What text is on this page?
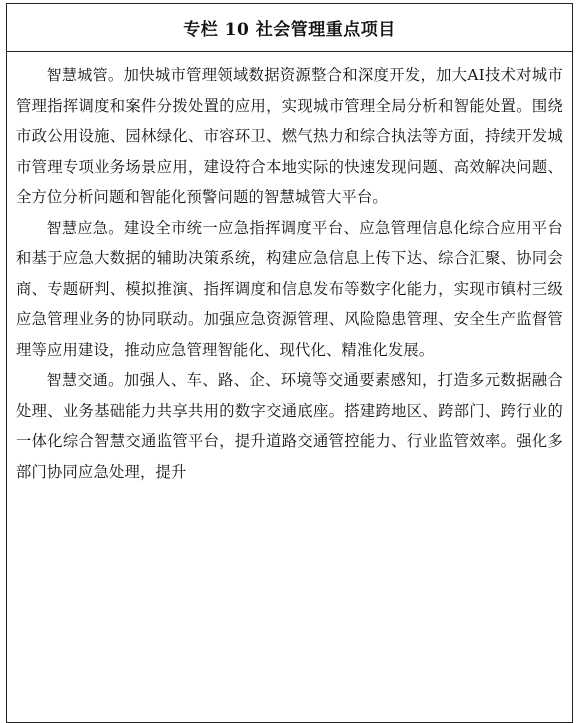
专栏 10 社会管理重点项目

智慧城管。加快城市管理领域数据资源整合和深度开发，加大AI技术对城市管理指挥调度和案件分拨处置的应用，实现城市管理全局分析和智能处置。围绕市政公用设施、园林绿化、市容环卫、燃气热力和综合执法等方面，持续开发城市管理专项业务场景应用，建设符合本地实际的快速发现问题、高效解决问题、全方位分析问题和智能化预警问题的智慧城管大平台。

智慧应急。建设全市统一应急指挥调度平台、应急管理信息化综合应用平台和基于应急大数据的辅助决策系统，构建应急信息上传下达、综合汇聚、协同会商、专题研判、模拟推演、指挥调度和信息发布等数字化能力，实现市镇村三级应急管理业务的协同联动。加强应急资源管理、风险隐患管理、安全生产监督管理等应用建设，推动应急管理智能化、现代化、精准化发展。

智慧交通。加强人、车、路、企、环境等交通要素感知，打造多元数据融合处理、业务基础能力共享共用的数字交通底座。搭建跨地区、跨部门、跨行业的一体化综合智慧交通监管平台，提升道路交通管控能力、行业监管效率。强化多部门协同应急处理，提升
